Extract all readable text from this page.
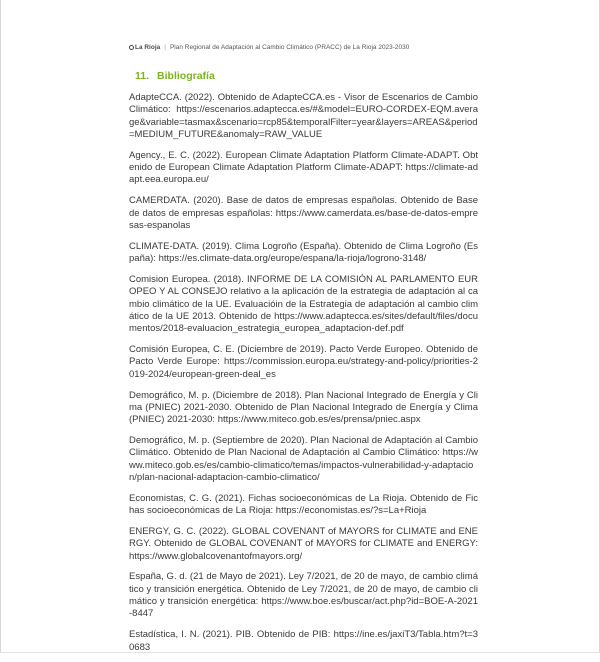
La Rioja | Plan Regional de Adaptación al Cambio Climático (PRACC) de La Rioja 2023-2030
11. Bibliografía

AdapteCCA. (2022). Obtenido de AdapteCCA.es - Visor de Escenarios de Cambio Climático: https://escenarios.adaptecca.es/#&model=EURO-CORDEX-EQM.average&variable=tasmax&scenario=rcp85&temporalFilter=year&layers=AREAS&period=MEDIUM_FUTURE&anomaly=RAW_VALUE

Agency., E. C. (2022). European Climate Adaptation Platform Climate-ADAPT. Obtenido de European Climate Adaptation Platform Climate-ADAPT: https://climate-adapt.eea.europa.eu/

CAMERDATA. (2020). Base de datos de empresas españolas. Obtenido de Base de datos de empresas españolas: https://www.camerdata.es/base-de-datos-empresas-espanolas

CLIMATE-DATA. (2019). Clima Logroño (España). Obtenido de Clima Logroño (España): https://es.climate-data.org/europe/espana/la-rioja/logrono-3148/

Comision Europea. (2018). INFORME DE LA COMISIÓN AL PARLAMENTO EUROPEO Y AL CONSEJO relativo a la aplicación de la estrategia de adaptación al cambio climático de la UE. Evaluacióin de la Estrategia de adaptación al cambio climático de la UE 2013. Obtenido de https://www.adaptecca.es/sites/default/files/documentos/2018-evaluacion_estrategia_europea_adaptacion-def.pdf

Comisión Europea, C. E. (Diciembre de 2019). Pacto Verde Europeo. Obtenido de Pacto Verde Europe: https://commission.europa.eu/strategy-and-policy/priorities-2019-2024/european-green-deal_es

Demográfico, M. p. (Diciembre de 2018). Plan Nacional Integrado de Energía y Clima (PNIEC) 2021-2030. Obtenido de Plan Nacional Integrado de Energía y Clima (PNIEC) 2021-2030: https://www.miteco.gob.es/es/prensa/pniec.aspx

Demográfico, M. p. (Septiembre de 2020). Plan Nacional de Adaptación al Cambio Climático. Obtenido de Plan Nacional de Adaptación al Cambio Climático: https://www.miteco.gob.es/es/cambio-climatico/temas/impactos-vulnerabilidad-y-adaptacion/plan-nacional-adaptacion-cambio-climatico/

Economistas, C. G. (2021). Fichas socioeconómicas de La Rioja. Obtenido de Fichas socioeconómicas de La Rioja: https://economistas.es/?s=La+Rioja

ENERGY, G. C. (2022). GLOBAL COVENANT of MAYORS for CLIMATE and ENERGY. Obtenido de GLOBAL COVENANT of MAYORS for CLIMATE and ENERGY: https://www.globalcovenantofmayors.org/

España, G. d. (21 de Mayo de 2021). Ley 7/2021, de 20 de mayo, de cambio climático y transición energética. Obtenido de Ley 7/2021, de 20 de mayo, de cambio climático y transición energética: https://www.boe.es/buscar/act.php?id=BOE-A-2021-8447

Estadística, I. N. (2021). PIB. Obtenido de PIB: https://ine.es/jaxiT3/Tabla.htm?t=30683
